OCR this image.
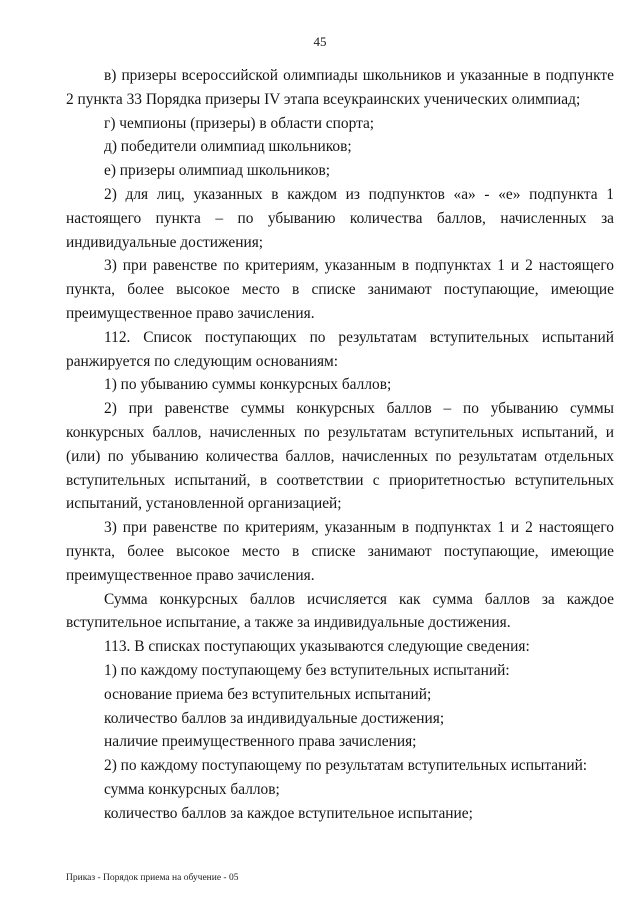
45

в) призеры всероссийской олимпиады школьников и указанные в подпункте 2 пункта 33 Порядка призеры IV этапа всеукраинских ученических олимпиад;

г) чемпионы (призеры) в области спорта;

д) победители олимпиад школьников;

е) призеры олимпиад школьников;

2) для лиц, указанных в каждом из подпунктов «а» - «е» подпункта 1 настоящего пункта – по убыванию количества баллов, начисленных за индивидуальные достижения;

3) при равенстве по критериям, указанным в подпунктах 1 и 2 настоящего пункта, более высокое место в списке занимают поступающие, имеющие преимущественное право зачисления.

112. Список поступающих по результатам вступительных испытаний ранжируется по следующим основаниям:

1) по убыванию суммы конкурсных баллов;

2) при равенстве суммы конкурсных баллов – по убыванию суммы конкурсных баллов, начисленных по результатам вступительных испытаний, и (или) по убыванию количества баллов, начисленных по результатам отдельных вступительных испытаний, в соответствии с приоритетностью вступительных испытаний, установленной организацией;

3) при равенстве по критериям, указанным в подпунктах 1 и 2 настоящего пункта, более высокое место в списке занимают поступающие, имеющие преимущественное право зачисления.

Сумма конкурсных баллов исчисляется как сумма баллов за каждое вступительное испытание, а также за индивидуальные достижения.

113. В списках поступающих указываются следующие сведения:

1) по каждому поступающему без вступительных испытаний:

основание приема без вступительных испытаний;

количество баллов за индивидуальные достижения;

наличие преимущественного права зачисления;

2) по каждому поступающему по результатам вступительных испытаний:

сумма конкурсных баллов;

количество баллов за каждое вступительное испытание;

Приказ - Порядок приема на обучение - 05
